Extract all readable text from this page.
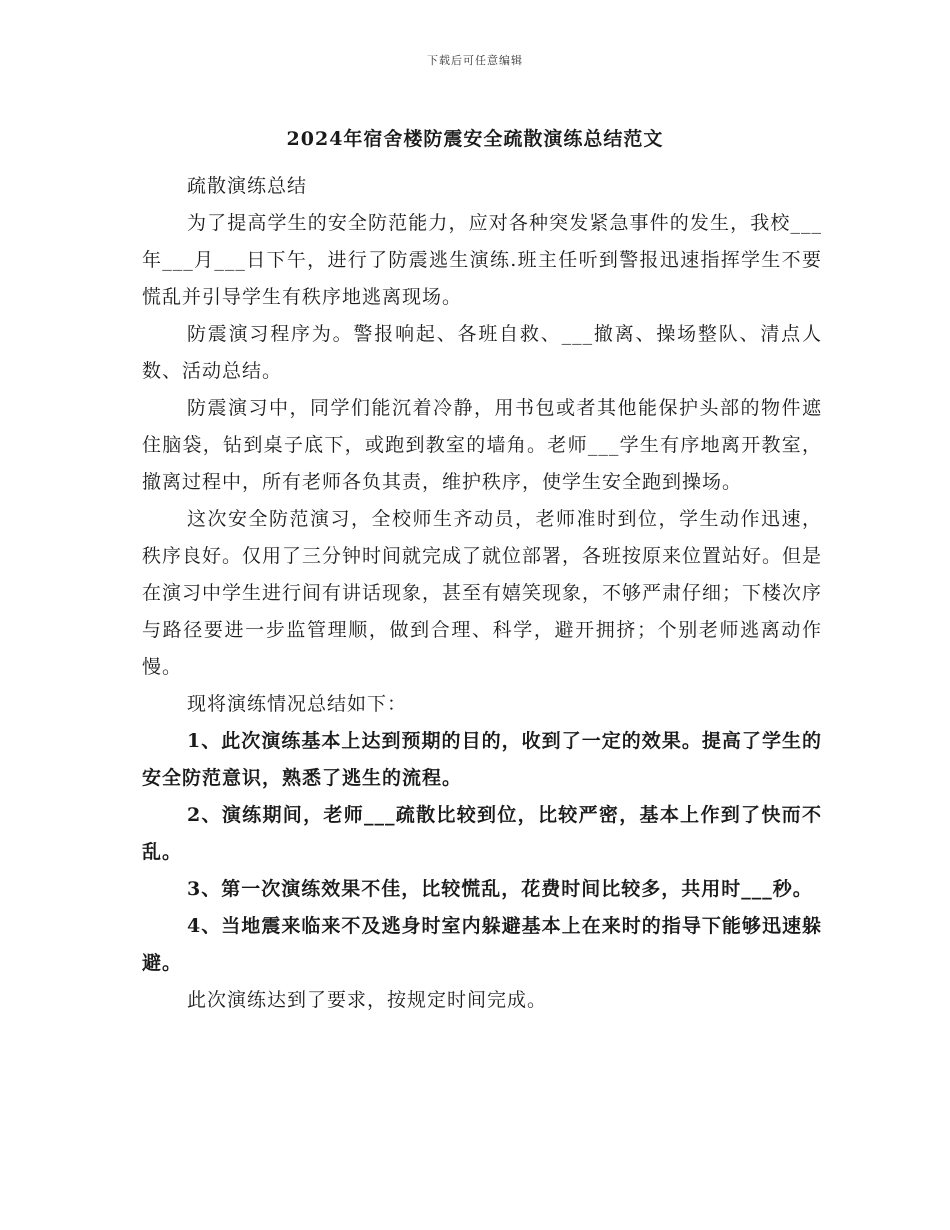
下载后可任意编辑
2024年宿舍楼防震安全疏散演练总结范文

疏散演练总结

为了提高学生的安全防范能力，应对各种突发紧急事件的发生，我校___年___月___日下午，进行了防震逃生演练.班主任听到警报迅速指挥学生不要慌乱并引导学生有秩序地逃离现场。

防震演习程序为。警报响起、各班自救、___撤离、操场整队、清点人数、活动总结。

防震演习中，同学们能沉着冷静，用书包或者其他能保护头部的物件遮住脑袋，钻到桌子底下，或跑到教室的墙角。老师___学生有序地离开教室，撤离过程中，所有老师各负其责，维护秩序，使学生安全跑到操场。

这次安全防范演习，全校师生齐动员，老师准时到位，学生动作迅速，秩序良好。仅用了三分钟时间就完成了就位部署，各班按原来位置站好。但是在演习中学生进行间有讲话现象，甚至有嬉笑现象，不够严肃仔细；下楼次序与路径要进一步监管理顺，做到合理、科学，避开拥挤；个别老师逃离动作慢。

现将演练情况总结如下：

1、此次演练基本上达到预期的目的，收到了一定的效果。提高了学生的安全防范意识，熟悉了逃生的流程。

2、演练期间，老师___疏散比较到位，比较严密，基本上作到了快而不乱。

3、第一次演练效果不佳，比较慌乱，花费时间比较多，共用时___秒。

4、当地震来临来不及逃身时室内躲避基本上在来时的指导下能够迅速躲避。

此次演练达到了要求，按规定时间完成。
